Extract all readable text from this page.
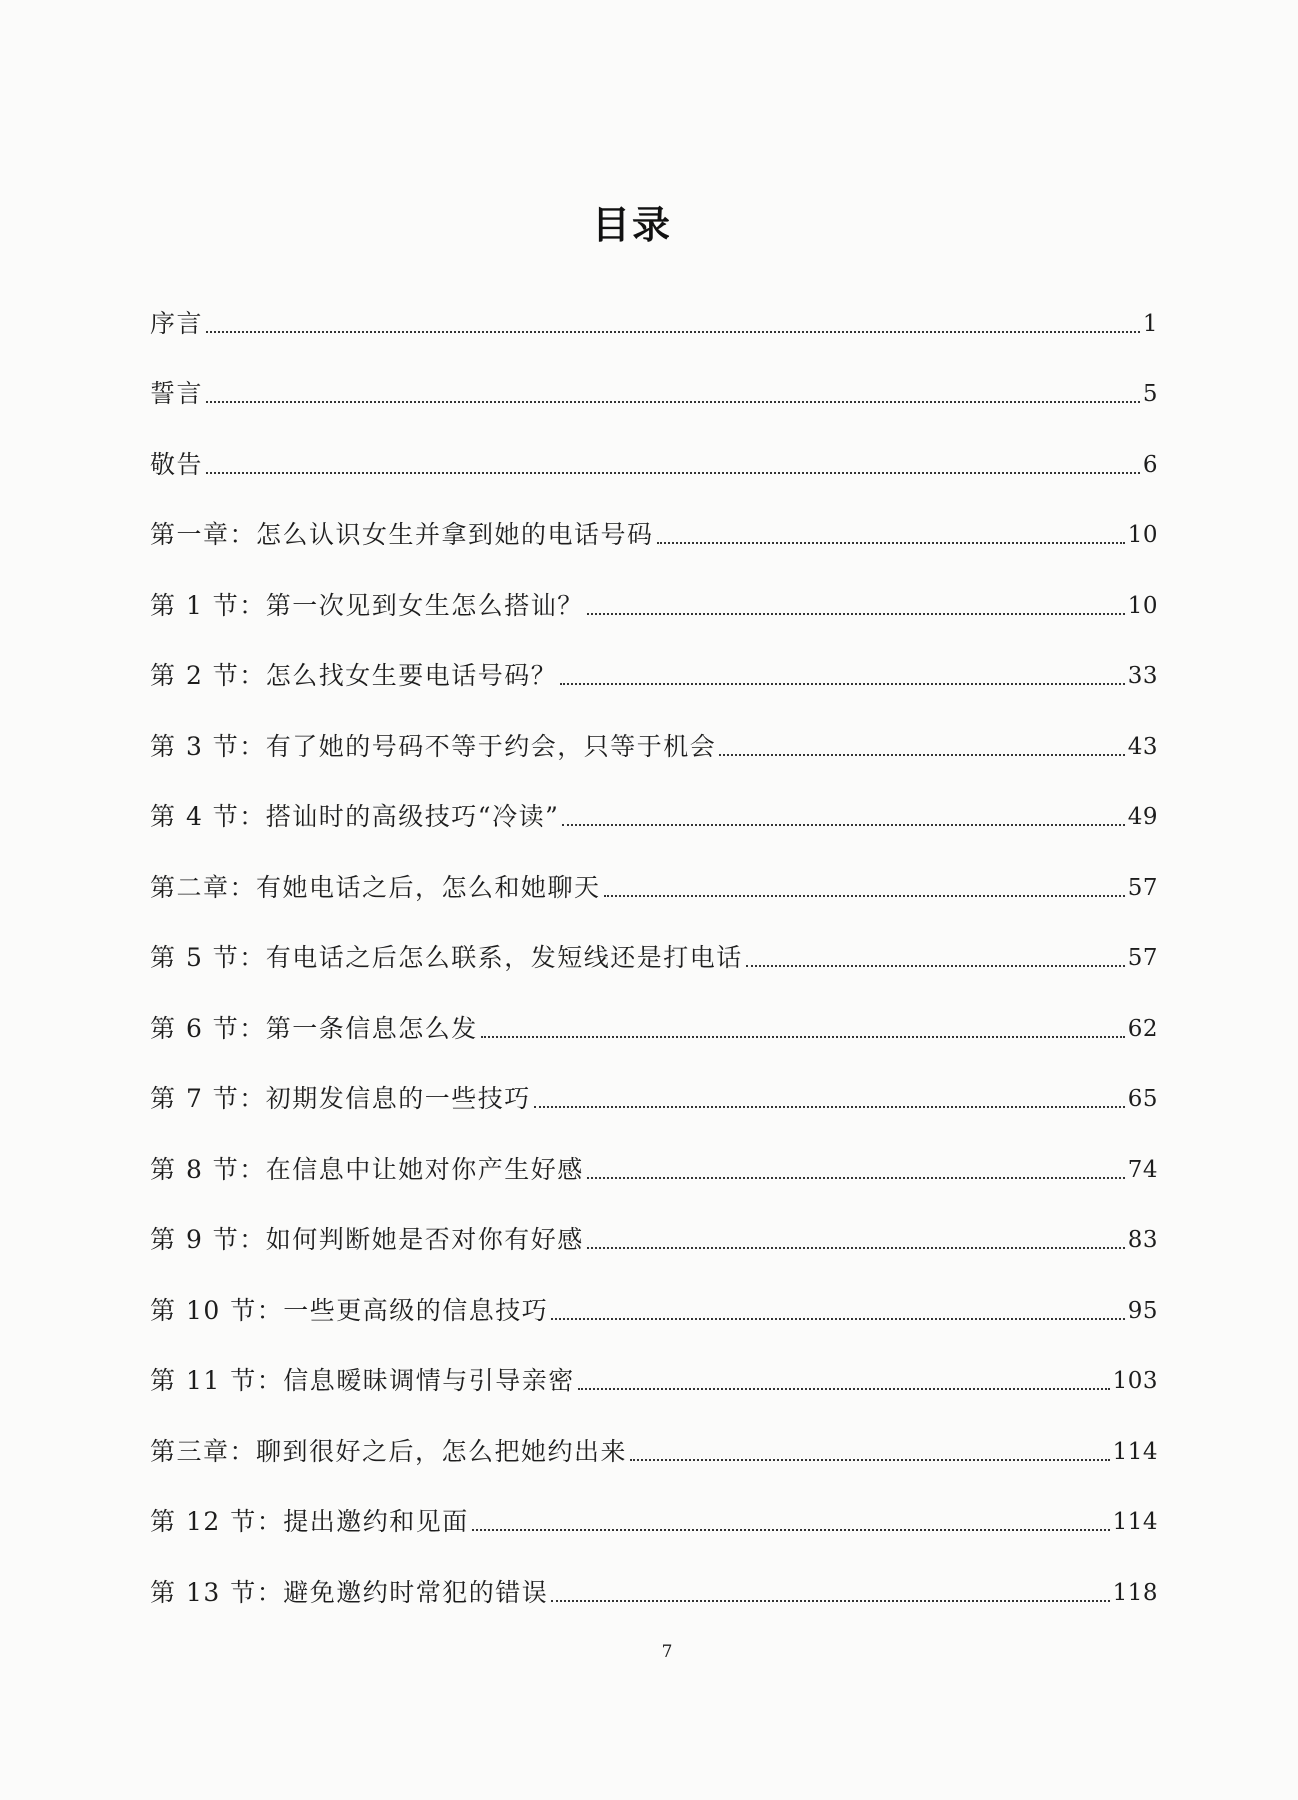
目录
序言	1
誓言	5
敬告	6
第一章：怎么认识女生并拿到她的电话号码	10
第 1 节：第一次见到女生怎么搭讪？	10
第 2 节：怎么找女生要电话号码？	33
第 3 节：有了她的号码不等于约会，只等于机会	43
第 4 节：搭讪时的高级技巧“冷读”	49
第二章：有她电话之后，怎么和她聊天	57
第 5 节：有电话之后怎么联系，发短线还是打电话	57
第 6 节：第一条信息怎么发	62
第 7 节：初期发信息的一些技巧	65
第 8 节：在信息中让她对你产生好感	74
第 9 节：如何判断她是否对你有好感	83
第 10 节：一些更高级的信息技巧	95
第 11 节：信息暧昧调情与引导亲密	103
第三章：聊到很好之后，怎么把她约出来	114
第 12 节：提出邀约和见面	114
第 13 节：避免邀约时常犯的错误	118
7
